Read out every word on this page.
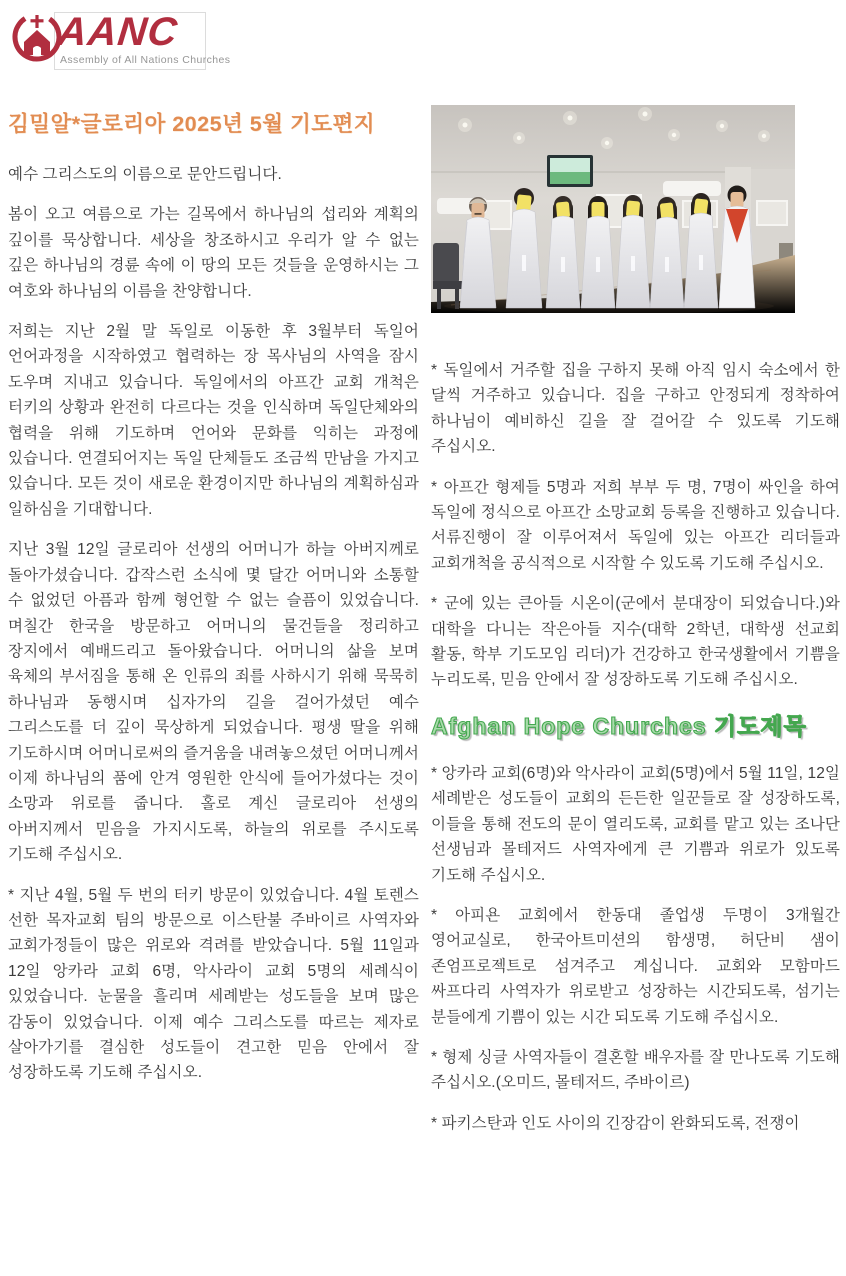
AANC
Assembly of All Nations Churches
김밀알*글로리아 2025년 5월 기도편지

예수 그리스도의 이름으로 문안드립니다.

봄이 오고 여름으로 가는 길목에서 하나님의 섭리와 계획의 깊이를 묵상합니다. 세상을 창조하시고 우리가 알 수 없는 깊은 하나님의 경륜 속에 이 땅의 모든 것들을 운영하시는 그 여호와 하나님의 이름을 찬양합니다.

저희는 지난 2월 말 독일로 이동한 후 3월부터 독일어 언어과정을 시작하였고 협력하는 장 목사님의 사역을 잠시 도우며 지내고 있습니다. 독일에서의 아프간 교회 개척은 터키의 상황과 완전히 다르다는 것을 인식하며 독일단체와의 협력을 위해 기도하며 언어와 문화를 익히는 과정에 있습니다. 연결되어지는 독일 단체들도 조금씩 만남을 가지고 있습니다. 모든 것이 새로운 환경이지만 하나님의 계획하심과 일하심을 기대합니다.

지난 3월 12일 글로리아 선생의 어머니가 하늘 아버지께로 돌아가셨습니다. 갑작스런 소식에 몇 달간 어머니와 소통할 수 없었던 아픔과 함께 형언할 수 없는 슬픔이 있었습니다. 며칠간 한국을 방문하고 어머니의 물건들을 정리하고 장지에서 예배드리고 돌아왔습니다. 어머니의 삶을 보며 육체의 부서짐을 통해 온 인류의 죄를 사하시기 위해 묵묵히 하나님과 동행시며 십자가의 길을 걸어가셨던 예수 그리스도를 더 깊이 묵상하게 되었습니다. 평생 딸을 위해 기도하시며 어머니로써의 즐거움을 내려놓으셨던 어머니께서 이제 하나님의 품에 안겨 영원한 안식에 들어가셨다는 것이 소망과 위로를 줍니다. 홀로 계신 글로리아 선생의 아버지께서 믿음을 가지시도록, 하늘의 위로를 주시도록 기도해 주십시오.

* 지난 4월, 5월 두 번의 터키 방문이 있었습니다. 4월 토렌스 선한 목자교회 팀의 방문으로 이스탄불 주바이르 사역자와 교회가정들이 많은 위로와 격려를 받았습니다. 5월 11일과 12일 앙카라 교회 6명, 악사라이 교회 5명의 세례식이 있었습니다. 눈물을 흘리며 세례받는 성도들을 보며 많은 감동이 있었습니다. 이제 예수 그리스도를 따르는 제자로 살아가기를 결심한 성도들이 견고한 믿음 안에서 잘 성장하도록 기도해 주십시오.

* 독일에서 거주할 집을 구하지 못해 아직 임시 숙소에서 한 달씩 거주하고 있습니다. 집을 구하고 안정되게 정착하여 하나님이 예비하신 길을 잘 걸어갈 수 있도록 기도해 주십시오.

* 아프간 형제들 5명과 저희 부부 두 명, 7명이 싸인을 하여 독일에 정식으로 아프간 소망교회 등록을 진행하고 있습니다. 서류진행이 잘 이루어져서 독일에 있는 아프간 리더들과 교회개척을 공식적으로 시작할 수 있도록 기도해 주십시오.

* 군에 있는 큰아들 시온이(군에서 분대장이 되었습니다.)와 대학을 다니는 작은아들 지수(대학 2학년, 대학생 선교회 활동, 학부 기도모임 리더)가 건강하고 한국생활에서 기쁨을 누리도록, 믿음 안에서 잘 성장하도록 기도해 주십시오.

Afghan Hope Churches 기도제목

* 앙카라 교회(6명)와 악사라이 교회(5명)에서 5월 11일, 12일 세례받은 성도들이 교회의 든든한 일꾼들로 잘 성장하도록, 이들을 통해 전도의 문이 열리도록, 교회를 맡고 있는 조나단 선생님과 몰테저드 사역자에게 큰 기쁨과 위로가 있도록 기도해 주십시오.

* 아피욘 교회에서 한동대 졸업생 두명이 3개월간 영어교실로, 한국아트미션의 함생명, 허단비 샘이 존엄프로젝트로 섬겨주고 계십니다. 교회와 모함마드 싸프다리 사역자가 위로받고 성장하는 시간되도록, 섬기는 분들에게 기쁨이 있는 시간 되도록 기도해 주십시오.

* 형제 싱글 사역자들이 결혼할 배우자를 잘 만나도록 기도해 주십시오.(오미드, 몰테저드, 주바이르)

* 파키스탄과 인도 사이의 긴장감이 완화되도록, 전쟁이
